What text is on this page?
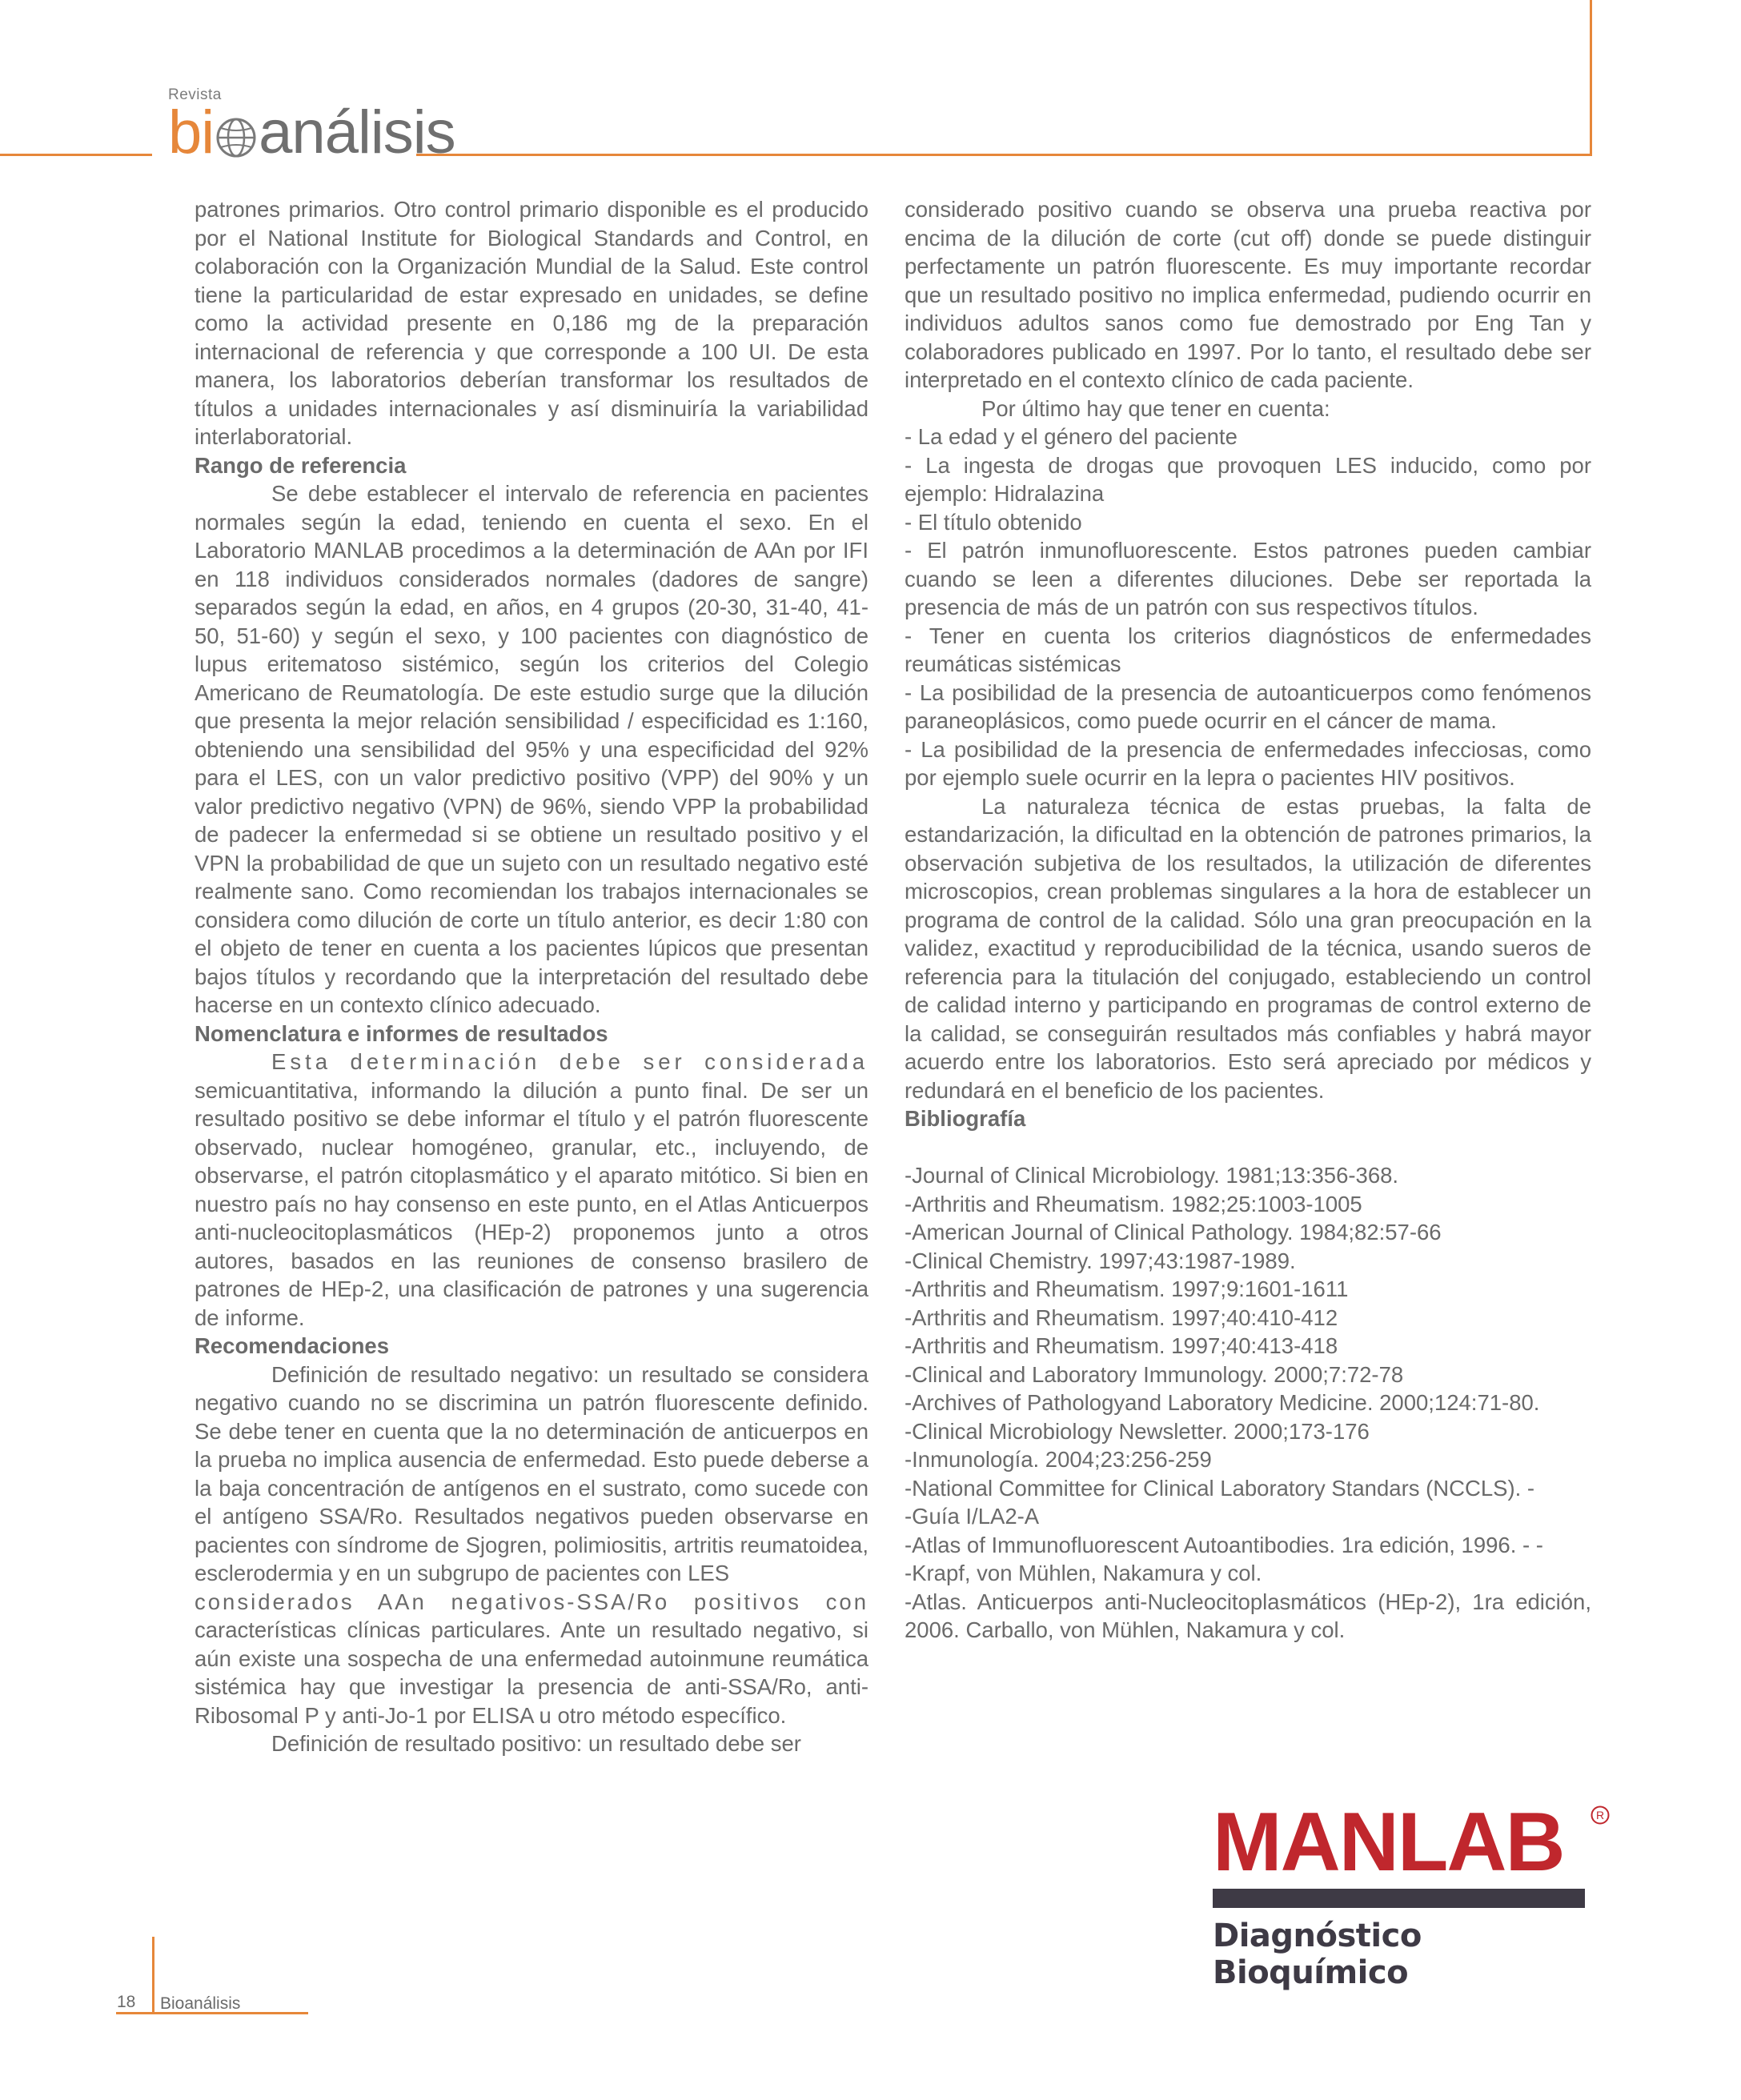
Revista
bi análisis

patrones primarios. Otro control primario disponible es el producido por el National Institute for Biological Standards and Control, en colaboración con la Organización Mundial de la Salud. Este control tiene la particularidad de estar expresado en unidades, se define como la actividad presente en 0,186 mg de la preparación internacional de referencia y que corresponde a 100 UI. De esta manera, los laboratorios deberían transformar los resultados de títulos a unidades internacionales y así disminuiría la variabilidad interlaboratorial.

Rango de referencia

Se debe establecer el intervalo de referencia en pacientes normales según la edad, teniendo en cuenta el sexo. En el Laboratorio MANLAB procedimos a la determinación de AAn por IFI en 118 individuos considerados normales (dadores de sangre) separados según la edad, en años, en 4 grupos (20-30, 31-40, 41-50, 51-60) y según el sexo, y 100 pacientes con diagnóstico de lupus eritematoso sistémico, según los criterios del Colegio Americano de Reumatología. De este estudio surge que la dilución que presenta la mejor relación sensibilidad / especificidad es 1:160, obteniendo una sensibilidad del 95% y una especificidad del 92% para el LES, con un valor predictivo positivo (VPP) del 90% y un valor predictivo negativo (VPN) de 96%, siendo VPP la probabilidad de padecer la enfermedad si se obtiene un resultado positivo y el VPN la probabilidad de que un sujeto con un resultado negativo esté realmente sano. Como recomiendan los trabajos internacionales se considera como dilución de corte un título anterior, es decir 1:80 con el objeto de tener en cuenta a los pacientes lúpicos que presentan bajos títulos y recordando que la interpretación del resultado debe hacerse en un contexto clínico adecuado.

Nomenclatura e informes de resultados

Esta determinación debe ser considerada

semicuantitativa, informando la dilución a punto final. De ser un resultado positivo se debe informar el título y el patrón fluorescente observado, nuclear homogéneo, granular, etc., incluyendo, de observarse, el patrón citoplasmático y el aparato mitótico. Si bien en nuestro país no hay consenso en este punto, en el Atlas Anticuerpos anti-nucleocitoplasmáticos (HEp-2) proponemos junto a otros autores, basados en las reuniones de consenso brasilero de patrones de HEp-2, una clasificación de patrones y una sugerencia de informe.

Recomendaciones

Definición de resultado negativo: un resultado se considera negativo cuando no se discrimina un patrón fluorescente definido. Se debe tener en cuenta que la no determinación de anticuerpos en la prueba no implica ausencia de enfermedad. Esto puede deberse a la baja concentración de antígenos en el sustrato, como sucede con el antígeno SSA/Ro. Resultados negativos pueden observarse en pacientes con síndrome de Sjogren, polimiositis, artritis reumatoidea, esclerodermia y en un subgrupo de pacientes con LES

considerados AAn negativos-SSA/Ro positivos con

características clínicas particulares. Ante un resultado negativo, si aún existe una sospecha de una enfermedad autoinmune reumática sistémica hay que investigar la presencia de anti-SSA/Ro, anti-Ribosomal P y anti-Jo-1 por ELISA u otro método específico.

Definición de resultado positivo: un resultado debe ser

considerado positivo cuando se observa una prueba reactiva por encima de la dilución de corte (cut off) donde se puede distinguir perfectamente un patrón fluorescente. Es muy importante recordar que un resultado positivo no implica enfermedad, pudiendo ocurrir en individuos adultos sanos como fue demostrado por Eng Tan y colaboradores publicado en 1997. Por lo tanto, el resultado debe ser interpretado en el contexto clínico de cada paciente.

Por último hay que tener en cuenta:

- La edad y el género del paciente

- La ingesta de drogas que provoquen LES inducido, como por ejemplo: Hidralazina

- El título obtenido

- El patrón inmunofluorescente. Estos patrones pueden cambiar cuando se leen a diferentes diluciones. Debe ser reportada la presencia de más de un patrón con sus respectivos títulos.

- Tener en cuenta los criterios diagnósticos de enfermedades reumáticas sistémicas

- La posibilidad de la presencia de autoanticuerpos como fenómenos paraneoplásicos, como puede ocurrir en el cáncer de mama.

- La posibilidad de la presencia de enfermedades infecciosas, como por ejemplo suele ocurrir en la lepra o pacientes HIV positivos.

La naturaleza técnica de estas pruebas, la falta de estandarización, la dificultad en la obtención de patrones primarios, la observación subjetiva de los resultados, la utilización de diferentes microscopios, crean problemas singulares a la hora de establecer un programa de control de la calidad. Sólo una gran preocupación en la validez, exactitud y reproducibilidad de la técnica, usando sueros de referencia para la titulación del conjugado, estableciendo un control de calidad interno y participando en programas de control externo de la calidad, se conseguirán resultados más confiables y habrá mayor acuerdo entre los laboratorios. Esto será apreciado por médicos y redundará en el beneficio de los pacientes.

Bibliografía

-Journal of Clinical Microbiology. 1981;13:356-368.

-Arthritis and Rheumatism. 1982;25:1003-1005

-American Journal of Clinical Pathology. 1984;82:57-66

-Clinical Chemistry. 1997;43:1987-1989.

-Arthritis and Rheumatism. 1997;9:1601-1611

-Arthritis and Rheumatism. 1997;40:410-412

-Arthritis and Rheumatism. 1997;40:413-418

-Clinical and Laboratory Immunology. 2000;7:72-78

-Archives of Pathologyand Laboratory Medicine. 2000;124:71-80.

-Clinical Microbiology Newsletter. 2000;173-176

-Inmunología. 2004;23:256-259

-National Committee for Clinical Laboratory Standars (NCCLS). -

-Guía I/LA2-A

-Atlas of Immunofluorescent Autoantibodies. 1ra edición, 1996. - -

-Krapf, von Mühlen, Nakamura y col.

-Atlas. Anticuerpos anti-Nucleocitoplasmáticos (HEp-2), 1ra edición, 2006. Carballo, von Mühlen, Nakamura y col.

MANLAB	R
Diagnóstico Bioquímico
18 Bioanálisis
